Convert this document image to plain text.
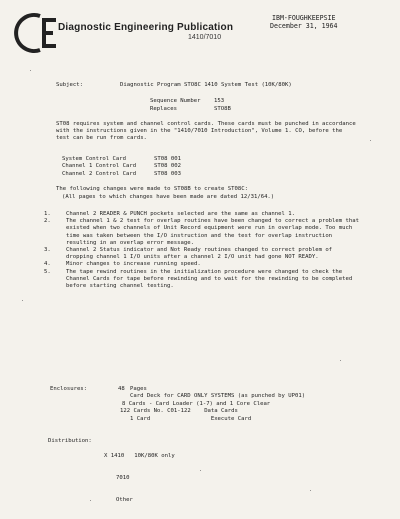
Diagnostic Engineering Publication
1410/7010
IBM-FOUGHKEEPSIE
December 31, 1964
Subject:	Diagnostic Program STO8C 1410 System Test (10K/80K)
Sequence Number 153
Replaces	STO8B
ST08 requires system and channel control cards. These cards must be punched in accordance with the instructions given in the "1410/7010 Introduction", Volume 1. CO, before the test can be run from cards.
System Control Card	ST08 001
Channel 1 Control Card	ST08 002
Channel 2 Control Card	ST08 003
The following changes were made to ST08B to create ST08C:
(All pages to which changes have been made are dated 12/31/64.)
1.	Channel 2 READER & PUNCH pockets selected are the same as channel 1.
2.	The channel 1 & 2 test for overlap routines have been changed to correct a problem that existed when two channels of Unit Record equipment were run in overlap mode. Too much time was taken between the I/O instruction and the test for overlap instruction resulting in an overlap error message.
3.	Channel 2 Status indicator and Not Ready routines changed to correct problem of dropping channel 1 I/O units after a channel 2 I/O unit had gone NOT READY.
4.	Minor changes to increase running speed.
5.	The tape rewind routines in the initialization procedure were changed to check the Channel Cards for tape before rewinding and to wait for the rewinding to be completed before starting channel testing.
Enclosures:	48 Pages
Card Deck for CARD ONLY SYSTEMS (as punched by UP01)
8 Cards - Card Loader (1-7) and 1 Core Clear
122 Cards No. C01-122    Data Cards
1 Card                  Execute Card
Distribution:

X 1410   10K/80K only

7010

Other
